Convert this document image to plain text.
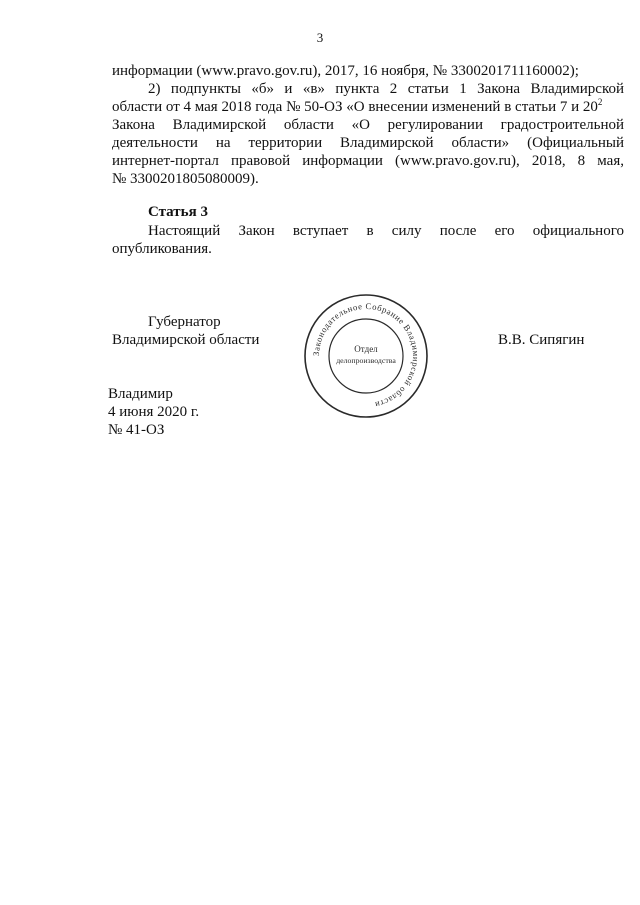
3
информации (www.pravo.gov.ru), 2017, 16 ноября, № 3300201711160002);
2) подпункты «б» и «в» пункта 2 статьи 1 Закона Владимирской
области от 4 мая 2018 года № 50-ОЗ «О внесении изменений в статьи 7 и $20^2$
Закона Владимирской области «О регулировании градостроительной
деятельности на территории Владимирской области» (Официальный
интернет-портал правовой информации (www.pravo.gov.ru), 2018, 8 мая,
№ 3300201805080009).
Статья 3
Настоящий Закон вступает в силу после его официального
опубликования.
Губернатор
Владимирской области	В.В. Сипягин
Законодательное Собрание Владимирской области
Отдел
делопроизводства
Владимир
4 июня 2020 г.
№ 41-ОЗ
